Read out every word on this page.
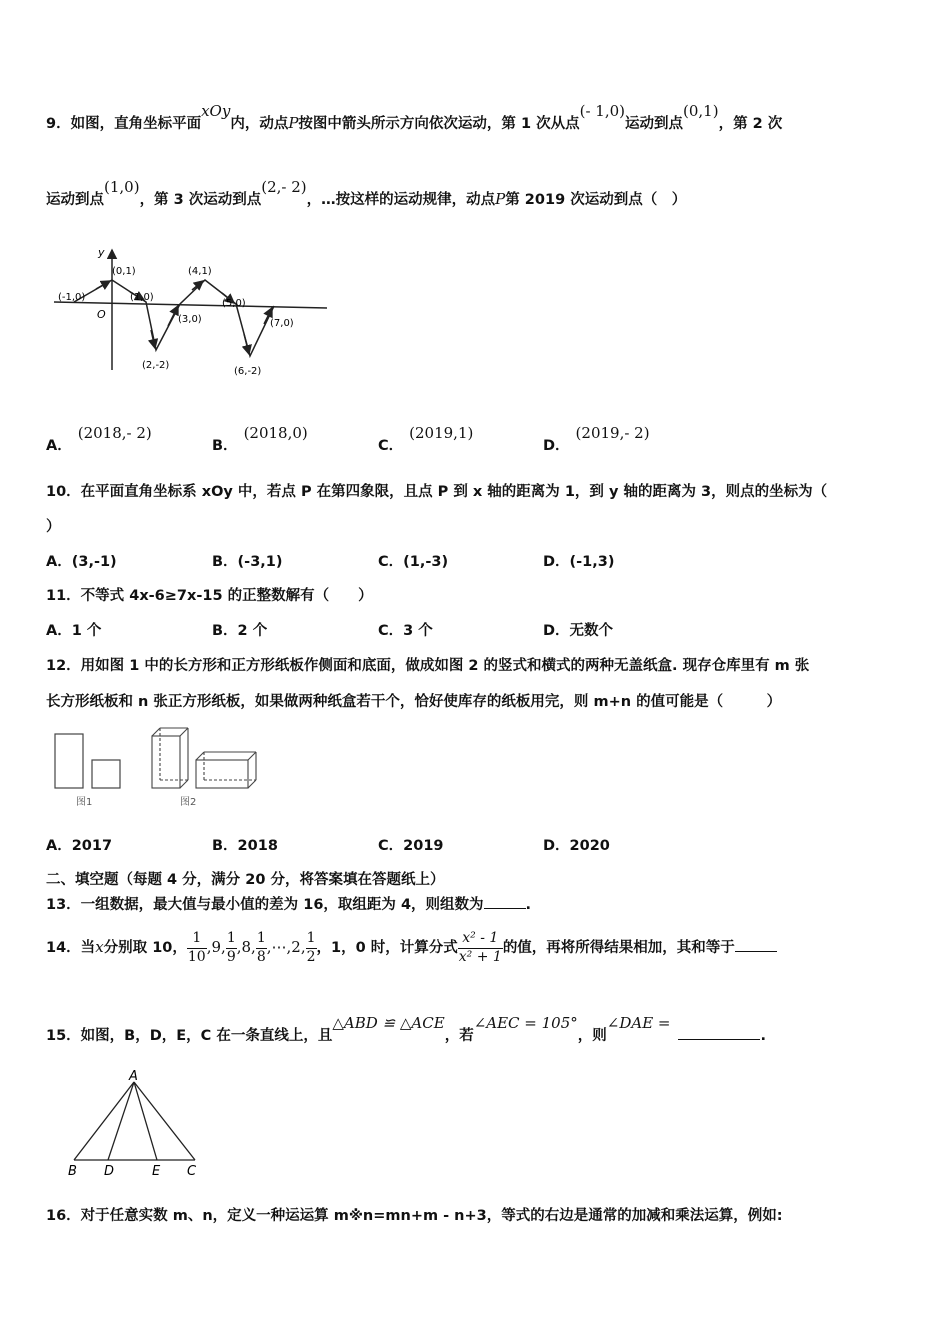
9．如图，直角坐标平面xOy内，动点P按图中箭头所示方向依次运动，第 1 次从点(- 1,0)运动到点(0,1)，第 2 次
运动到点(1,0)，第 3 次运动到点(2,- 2)，…按这样的运动规律，动点P第 2019 次运动到点（　）
y
O
(-1,0)
(0,1)
(1,0)
(2,-2)
(3,0)
(4,1)
(5,0)
(6,-2)
(7,0)
A．(2018,- 2)
B．(2018,0)
C．(2019,1)
D．(2019,- 2)
10．在平面直角坐标系 xOy 中，若点 P 在第四象限，且点 P 到 x 轴的距离为 1，到 y 轴的距离为 3，则点的坐标为（
）
A．(3,-1)	B．(-3,1)	C．(1,-3)	D．(-1,3)
11．不等式 4x-6≥7x-15 的正整数解有（　　）
A．1 个	B．2 个	C．3 个	D．无数个
12．用如图 1 中的长方形和正方形纸板作侧面和底面，做成如图 2 的竖式和横式的两种无盖纸盒. 现存仓库里有 m 张
长方形纸板和 n 张正方形纸板，如果做两种纸盒若干个，恰好使库存的纸板用完，则 m+n 的值可能是（　　　）
图1	图2
A．2017	B．2018	C．2019	D．2020
二、填空题（每题 4 分，满分 20 分，将答案填在答题纸上）
13．一组数据，最大值与最小值的差为 16，取组距为 4，则组数为	.
14．当x分别取 10， $\frac{1}{10} ,9$, $\frac{1}{9} ,8$, $\frac{1}{8}$ ,⋯,2, $\frac{1}{2}$ ，1，0 时，计算分式 $\frac{\text{x² - 1}}{\text{x² + 1}}$ 的值，再将所得结果相加，其和等于
15．如图，B，D，E，C 在一条直线上，且△ABD ≌ △ACE，若∠AEC = 105°，则∠DAE =.
A
B D	E C
16．对于任意实数 m、n，定义一种运运算 m※n=mn+m - n+3，等式的右边是通常的加减和乘法运算，例如:
